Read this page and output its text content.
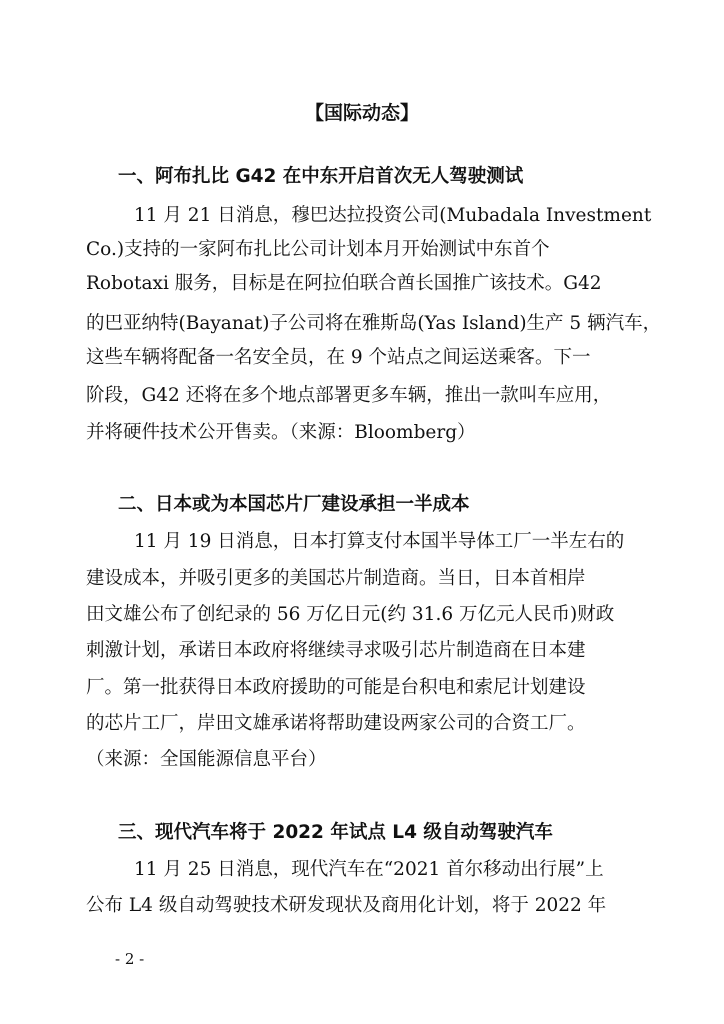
【国际动态】
一、阿布扎比 G42 在中东开启首次无人驾驶测试
11 月 21 日消息，穆巴达拉投资公司(Mubadala Investment
Co.)支持的一家阿布扎比公司计划本月开始测试中东首个
Robotaxi 服务，目标是在阿拉伯联合酋长国推广该技术。G42
的巴亚纳特(Bayanat)子公司将在雅斯岛(Yas Island)生产 5 辆汽车，
这些车辆将配备一名安全员，在 9 个站点之间运送乘客。下一
阶段，G42 还将在多个地点部署更多车辆，推出一款叫车应用，
并将硬件技术公开售卖。（来源：Bloomberg）
二、日本或为本国芯片厂建设承担一半成本
11 月 19 日消息，日本打算支付本国半导体工厂一半左右的
建设成本，并吸引更多的美国芯片制造商。当日，日本首相岸
田文雄公布了创纪录的 56 万亿日元(约 31.6 万亿元人民币)财政
刺激计划，承诺日本政府将继续寻求吸引芯片制造商在日本建
厂。第一批获得日本政府援助的可能是台积电和索尼计划建设
的芯片工厂，岸田文雄承诺将帮助建设两家公司的合资工厂。
（来源：全国能源信息平台）
三、现代汽车将于 2022 年试点 L4 级自动驾驶汽车
11 月 25 日消息，现代汽车在“2021 首尔移动出行展”上
公布 L4 级自动驾驶技术研发现状及商用化计划，将于 2022 年
- 2 -
